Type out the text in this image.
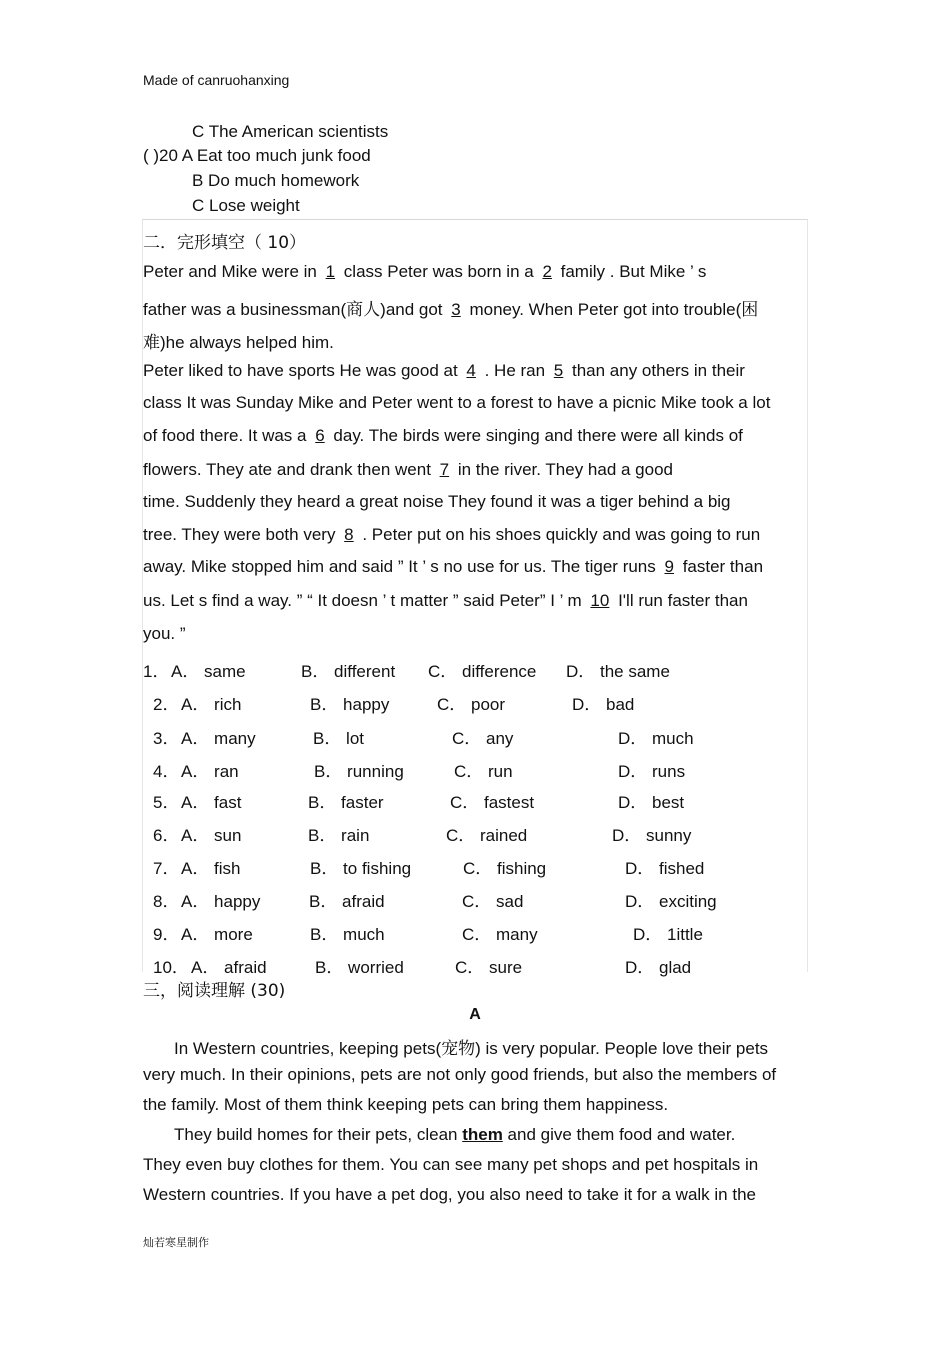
Made of canruohanxing
C The American scientists
( )20 A Eat too much junk food
B Do much homework
C Lose weight
二．完形填空（ 10）
Peter and Mike were in 1 class Peter was born in a 2 family . But Mike ’ s
father was a businessman(商人)and got 3 money. When Peter got into trouble(困
难)he always helped him.
Peter liked to have sports He was good at 4 . He ran 5 than any others in their
class It was Sunday Mike and Peter went to a forest to have a picnic Mike took a lot
of food there. It was a 6 day. The birds were singing and there were all kinds of
flowers. They ate and drank then went 7 in the river. They had a good
time. Suddenly they heard a great noise They found it was a tiger behind a big
tree. They were both very 8 . Peter put on his shoes quickly and was going to run
away. Mike stopped him and said ” It ’ s no use for us. The tiger runs 9 faster than
us. Let s find a way. ” “ It doesn ’ t matter ” said Peter” I ’ m 10 I'll run faster than
you. ”
1． A． same	B． different C． difference D． the same
2． A． rich	B． happy	C． poor	D． bad
3． A． many	B． lot	C． any	D． much
4． A． ran	B． running	C． run	D． runs
5． A． fast	B． faster	C． fastest	D． best
6． A． sun	B． rain	C． rained	D． sunny
7． A． fish	B． to fishing	C． fishing	D． fished
8． A． happy	B． afraid	C． sad	D． exciting
9． A． more	B． much	C． many	D． 1ittle
10． A． afraid	B． worried	C． sure	D． glad
三，阅读理解 (30)
A
In Western countries, keeping pets(宠物) is very popular. People love their pets
very much. In their opinions, pets are not only good friends, but also the members of
the family. Most of them think keeping pets can bring them happiness.
They build homes for their pets, clean them and give them food and water.
They even buy clothes for them. You can see many pet shops and pet hospitals in
Western countries. If you have a pet dog, you also need to take it for a walk in the
灿若寒星制作
